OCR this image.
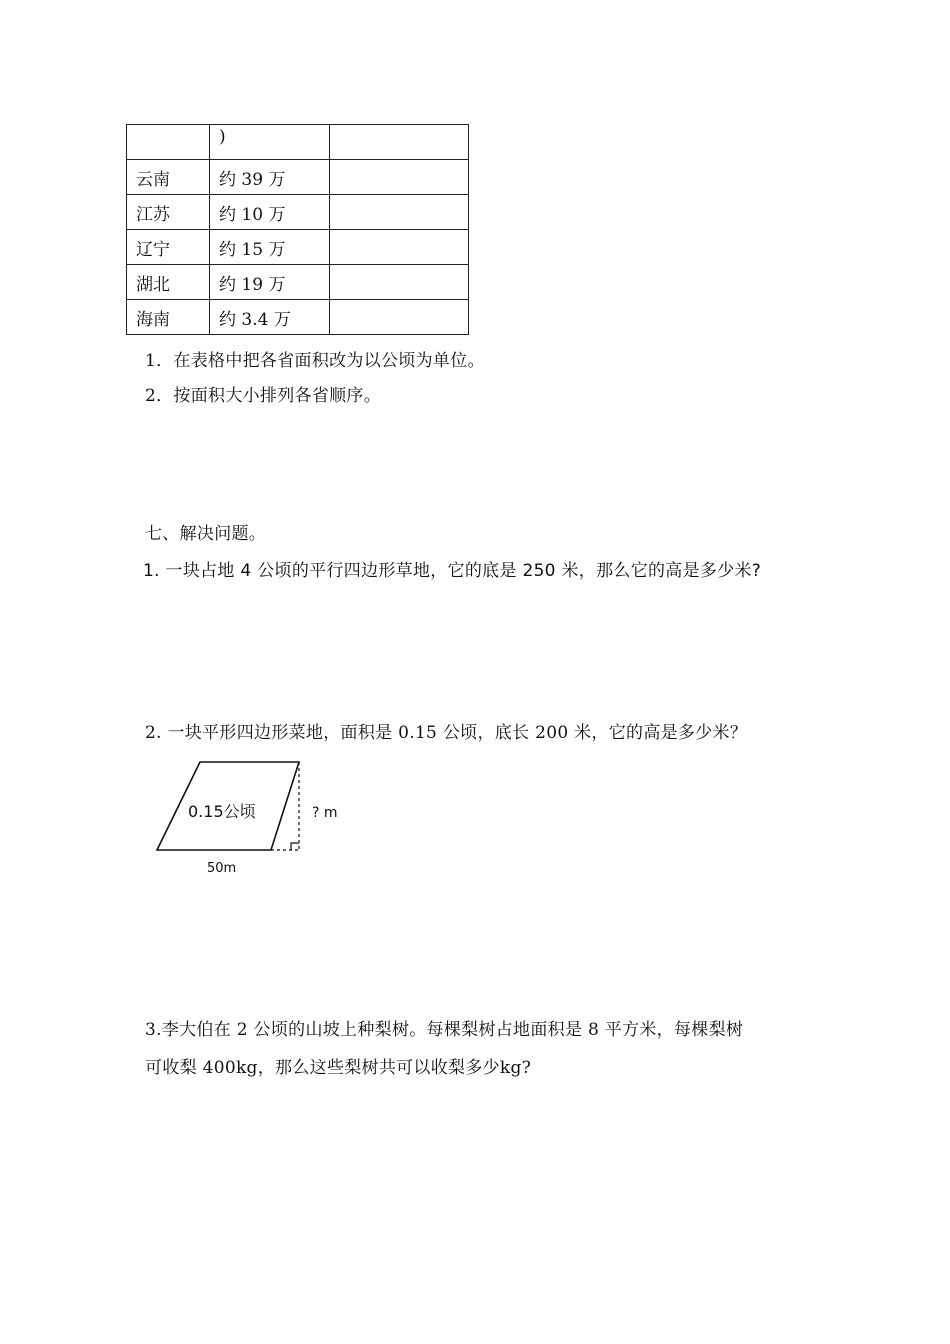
	)	
云南	约 39 万	
江苏	约 10 万	
辽宁	约 15 万	
湖北	约 19 万	
海南	约 3.4 万	
1．在表格中把各省面积改为以公顷为单位。
2．按面积大小排列各省顺序。
七、解决问题。
1. 一块占地 4 公顷的平行四边形草地，它的底是 250 米，那么它的高是多少米?
2. 一块平形四边形菜地，面积是 0.15 公顷，底长 200 米，它的高是多少米？
0.15公顷	? m
50m
3.李大伯在 2 公顷的山坡上种梨树。每棵梨树占地面积是 8 平方米，每棵梨树
可收梨 400kg，那么这些梨树共可以收梨多少kg?
